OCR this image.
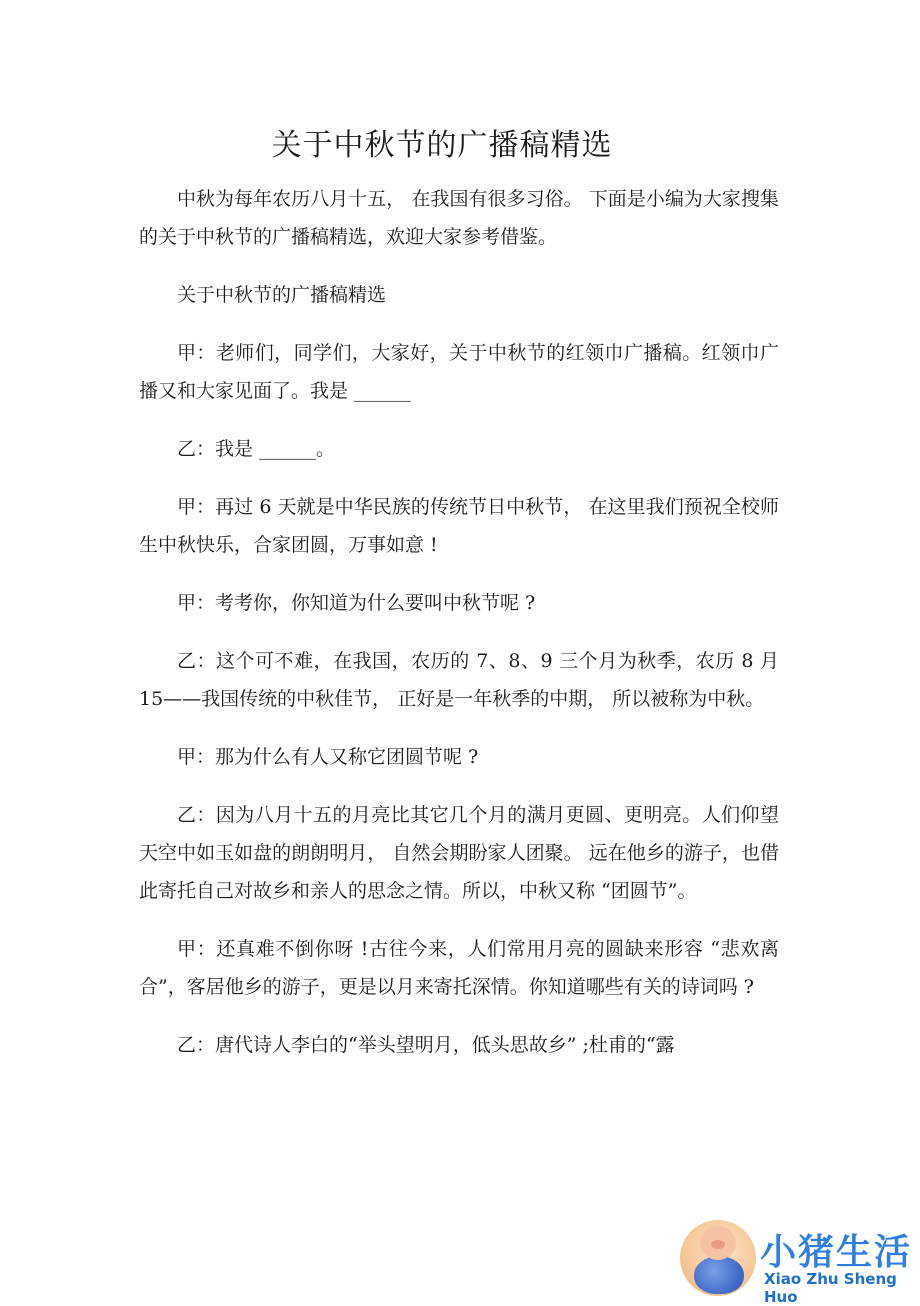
关于中秋节的广播稿精选

中秋为每年农历八月十五， 在我国有很多习俗。 下面是小编为大家搜集的关于中秋节的广播稿精选，欢迎大家参考借鉴。

关于中秋节的广播稿精选

甲：老师们，同学们，大家好，关于中秋节的红领巾广播稿。红领巾广播又和大家见面了。我是 ______

乙：我是 ______。

甲：再过 6 天就是中华民族的传统节日中秋节， 在这里我们预祝全校师生中秋快乐，合家团圆，万事如意 !

甲：考考你，你知道为什么要叫中秋节呢 ?

乙：这个可不难，在我国，农历的 7、8、9 三个月为秋季，农历 8 月 15——我国传统的中秋佳节， 正好是一年秋季的中期， 所以被称为中秋。

甲：那为什么有人又称它团圆节呢 ?

乙：因为八月十五的月亮比其它几个月的满月更圆、更明亮。人们仰望天空中如玉如盘的朗朗明月， 自然会期盼家人团聚。 远在他乡的游子，也借此寄托自己对故乡和亲人的思念之情。所以，中秋又称 “团圆节”。

甲：还真难不倒你呀 !古往今来，人们常用月亮的圆缺来形容 “悲欢离合”，客居他乡的游子，更是以月来寄托深情。你知道哪些有关的诗词吗 ?

乙：唐代诗人李白的“举头望明月，低头思故乡” ;杜甫的“露

小猪生活
Xiao Zhu Sheng Huo
